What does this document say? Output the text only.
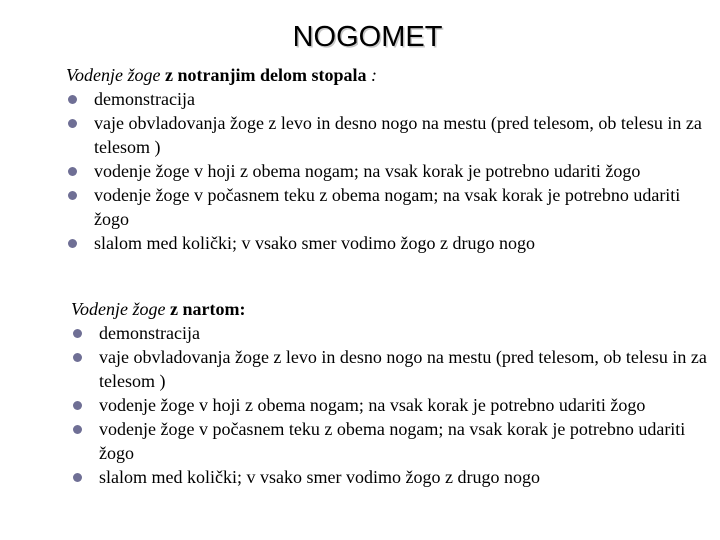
NOGOMET

Vodenje žoge z notranjim delom stopala :

demonstracija
vaje obvladovanja žoge z levo in desno nogo na mestu (pred telesom, ob telesu in za telesom )
vodenje žoge v hoji z obema nogam; na vsak korak je potrebno udariti žogo
vodenje žoge v počasnem teku z obema nogam; na vsak korak je potrebno udariti žogo
slalom med količki; v vsako smer vodimo žogo z drugo nogo

Vodenje žoge z nartom:

demonstracija
vaje obvladovanja žoge z levo in desno nogo na mestu (pred telesom, ob telesu in za telesom )
vodenje žoge v hoji z obema nogam; na vsak korak je potrebno udariti žogo
vodenje žoge v počasnem teku z obema nogam; na vsak korak je potrebno udariti žogo
slalom med količki; v vsako smer vodimo žogo z drugo nogo
